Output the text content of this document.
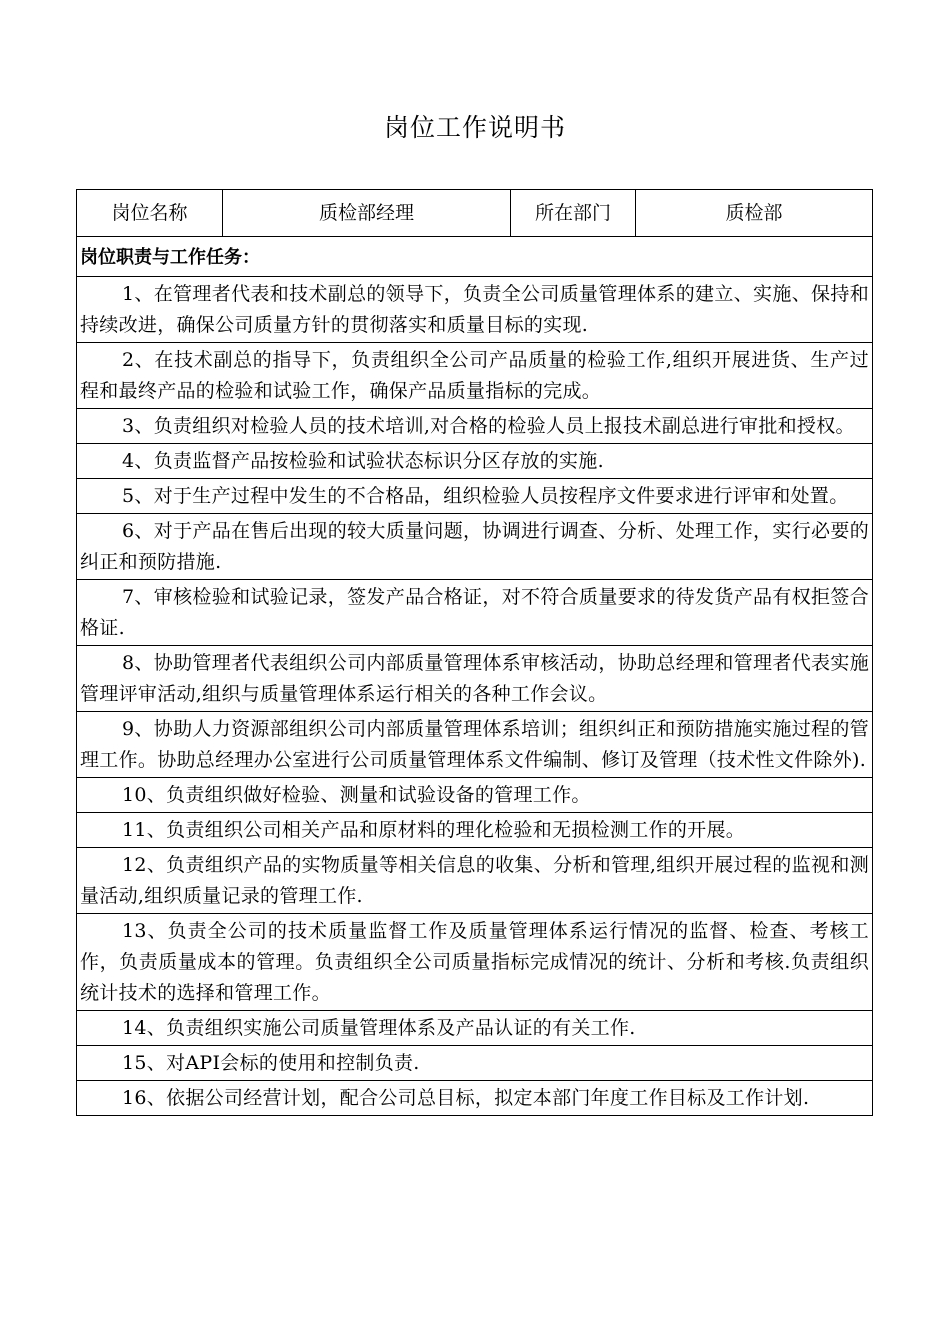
岗位工作说明书
岗位名称	质检部经理	所在部门	质检部
岗位职责与工作任务：
1、在管理者代表和技术副总的领导下，负责全公司质量管理体系的建立、实施、保持和持续改进，确保公司质量方针的贯彻落实和质量目标的实现.
2、在技术副总的指导下，负责组织全公司产品质量的检验工作,组织开展进货、生产过程和最终产品的检验和试验工作，确保产品质量指标的完成。
3、负责组织对检验人员的技术培训,对合格的检验人员上报技术副总进行审批和授权。
4、负责监督产品按检验和试验状态标识分区存放的实施.
5、对于生产过程中发生的不合格品，组织检验人员按程序文件要求进行评审和处置。
6、对于产品在售后出现的较大质量问题，协调进行调查、分析、处理工作，实行必要的纠正和预防措施.
7、审核检验和试验记录，签发产品合格证，对不符合质量要求的待发货产品有权拒签合格证.
8、协助管理者代表组织公司内部质量管理体系审核活动，协助总经理和管理者代表实施管理评审活动,组织与质量管理体系运行相关的各种工作会议。
9、协助人力资源部组织公司内部质量管理体系培训；组织纠正和预防措施实施过程的管理工作。协助总经理办公室进行公司质量管理体系文件编制、修订及管理（技术性文件除外).
10、负责组织做好检验、测量和试验设备的管理工作。
11、负责组织公司相关产品和原材料的理化检验和无损检测工作的开展。
12、负责组织产品的实物质量等相关信息的收集、分析和管理,组织开展过程的监视和测量活动,组织质量记录的管理工作.
13、负责全公司的技术质量监督工作及质量管理体系运行情况的监督、检查、考核工作，负责质量成本的管理。负责组织全公司质量指标完成情况的统计、分析和考核.负责组织统计技术的选择和管理工作。
14、负责组织实施公司质量管理体系及产品认证的有关工作.
15、对API会标的使用和控制负责.
16、依据公司经营计划，配合公司总目标，拟定本部门年度工作目标及工作计划.
